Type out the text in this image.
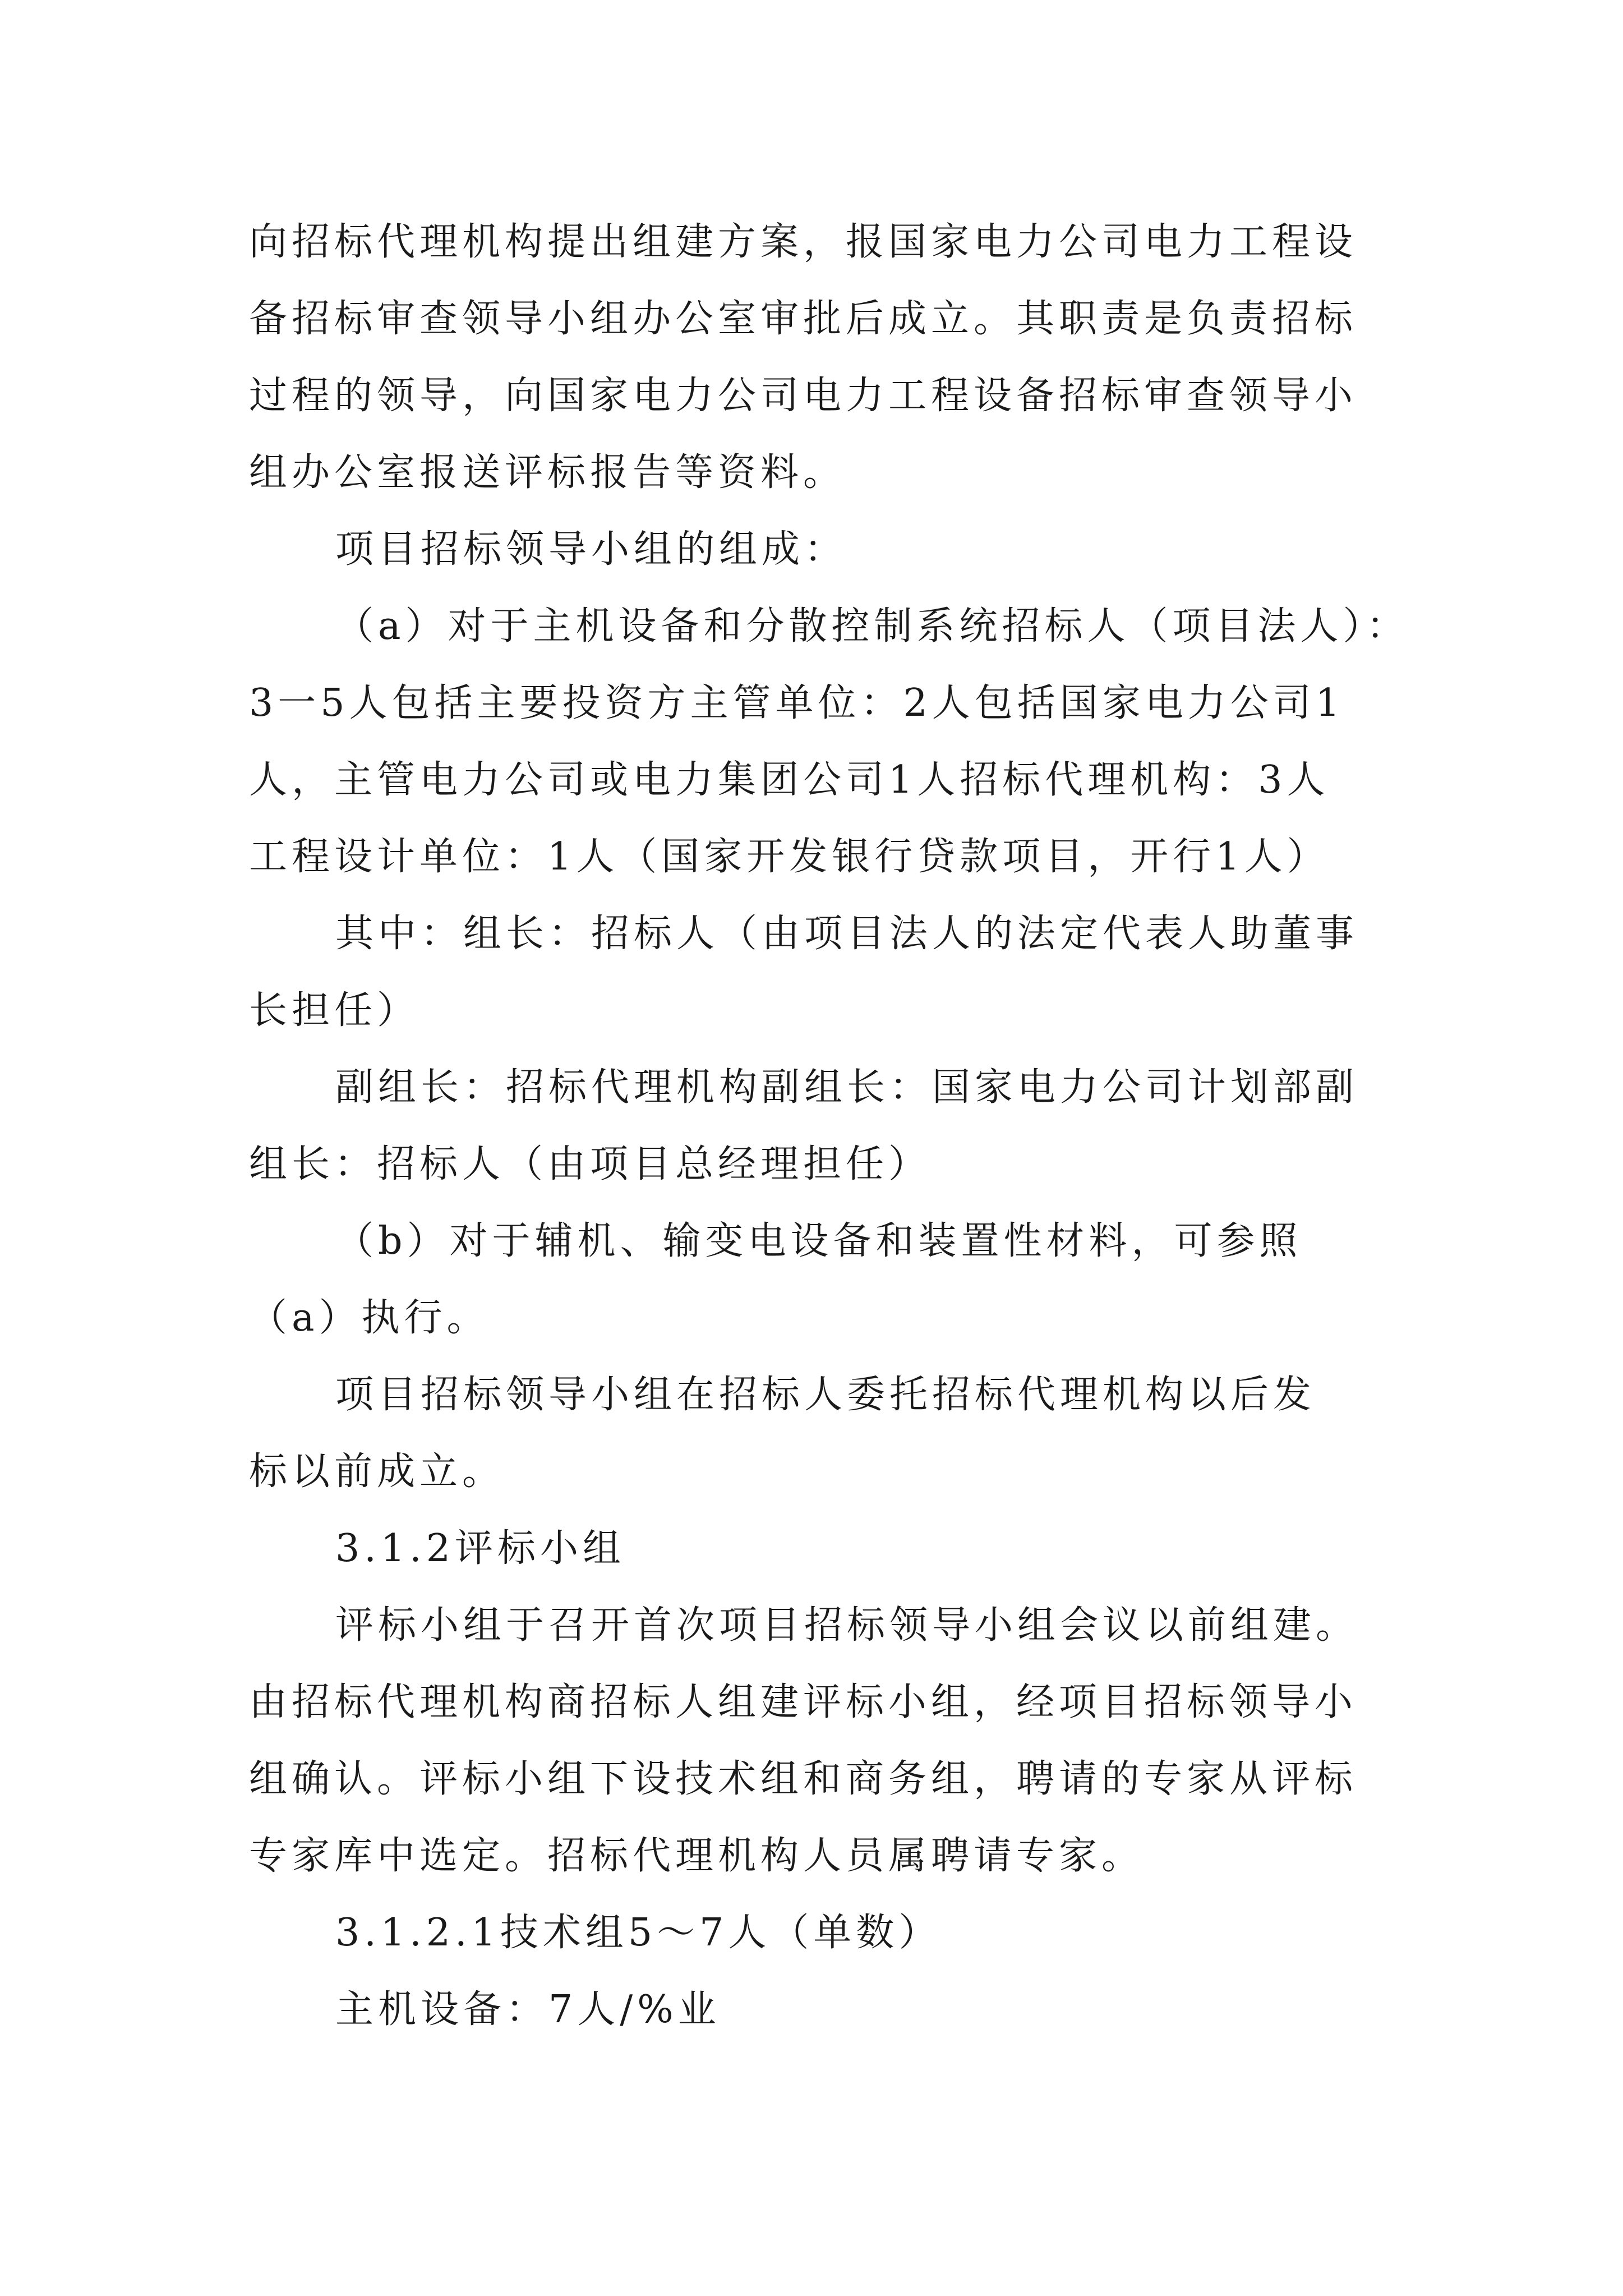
向招标代理机构提出组建方案，报国家电力公司电力工程设
备招标审查领导小组办公室审批后成立。其职责是负责招标
过程的领导，向国家电力公司电力工程设备招标审查领导小
组办公室报送评标报告等资料。
项目招标领导小组的组成：
（a）对于主机设备和分散控制系统招标人（项目法人）：
3一5人包括主要投资方主管单位：2人包括国家电力公司1
人，主管电力公司或电力集团公司1人招标代理机构：3人
工程设计单位：1人（国家开发银行贷款项目，开行1人）
其中：组长：招标人（由项目法人的法定代表人助董事
长担任）
副组长：招标代理机构副组长：国家电力公司计划部副
组长：招标人（由项目总经理担任）
（b）对于辅机、输变电设备和装置性材料，可参照
（a）执行。
项目招标领导小组在招标人委托招标代理机构以后发
标以前成立。
3.1.2评标小组
评标小组于召开首次项目招标领导小组会议以前组建。
由招标代理机构商招标人组建评标小组，经项目招标领导小
组确认。评标小组下设技术组和商务组，聘请的专家从评标
专家库中选定。招标代理机构人员属聘请专家。
3.1.2.1技术组5～7人（单数）
主机设备：7人/%业
